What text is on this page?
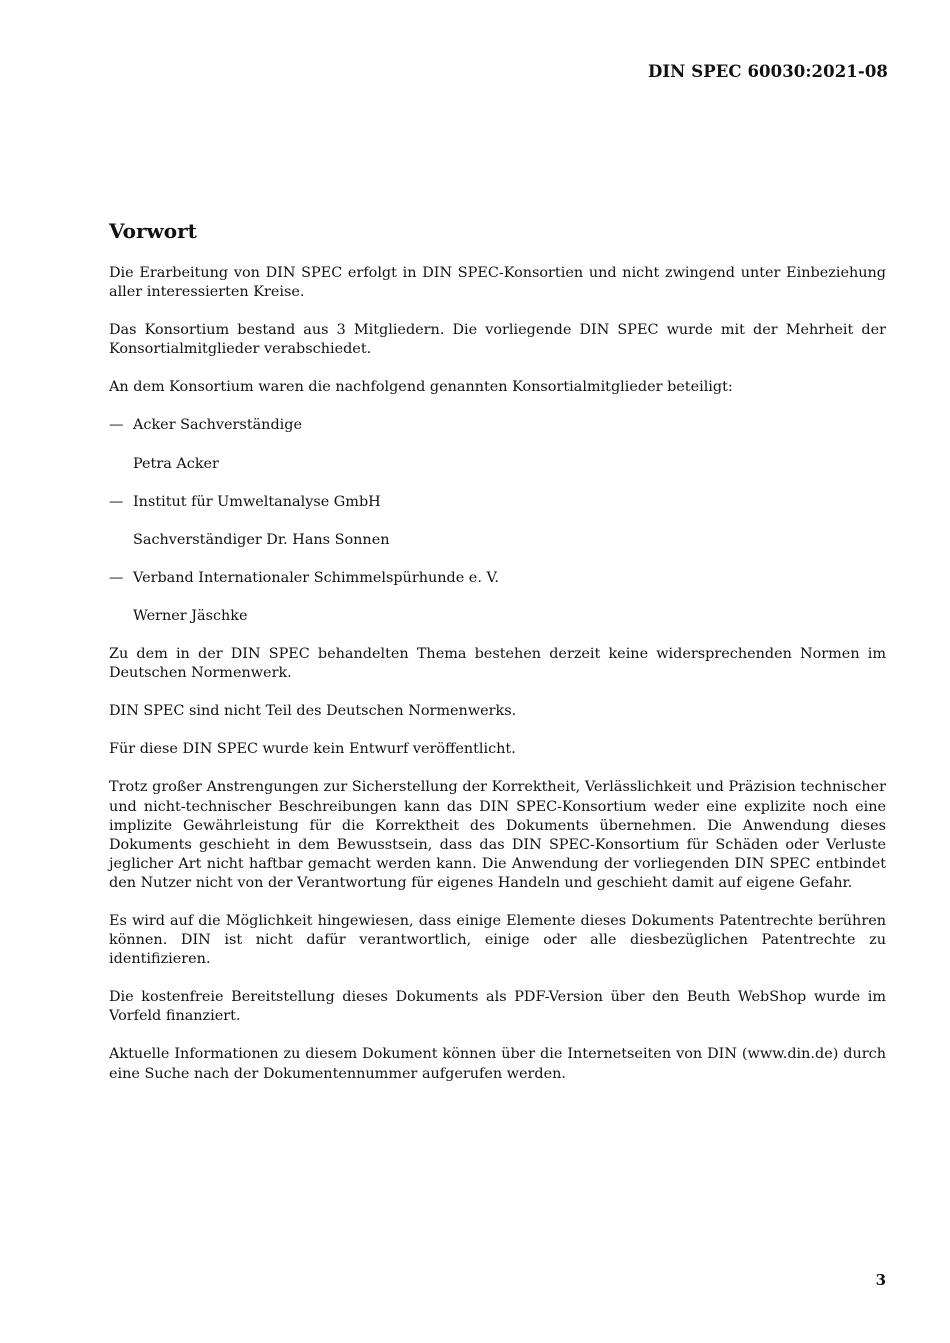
DIN SPEC 60030:2021-08
Vorwort

Die Erarbeitung von DIN SPEC erfolgt in DIN SPEC-Konsortien und nicht zwingend unter Einbeziehung aller interessierten Kreise.

Das Konsortium bestand aus 3 Mitgliedern. Die vorliegende DIN SPEC wurde mit der Mehrheit der Konsortialmitglieder verabschiedet.

An dem Konsortium waren die nachfolgend genannten Konsortialmitglieder beteiligt:

— Acker Sachverständige
Petra Acker
— Institut für Umweltanalyse GmbH
Sachverständiger Dr. Hans Sonnen
— Verband Internationaler Schimmelspürhunde e. V.
Werner Jäschke

Zu dem in der DIN SPEC behandelten Thema bestehen derzeit keine widersprechenden Normen im Deutschen Normenwerk.

DIN SPEC sind nicht Teil des Deutschen Normenwerks.

Für diese DIN SPEC wurde kein Entwurf veröffentlicht.

Trotz großer Anstrengungen zur Sicherstellung der Korrektheit, Verlässlichkeit und Präzision technischer und nicht-technischer Beschreibungen kann das DIN SPEC-Konsortium weder eine explizite noch eine implizite Gewährleistung für die Korrektheit des Dokuments übernehmen. Die Anwendung dieses Dokuments geschieht in dem Bewusstsein, dass das DIN SPEC-Konsortium für Schäden oder Verluste jeglicher Art nicht haftbar gemacht werden kann. Die Anwendung der vorliegenden DIN SPEC entbindet den Nutzer nicht von der Verantwortung für eigenes Handeln und geschieht damit auf eigene Gefahr.

Es wird auf die Möglichkeit hingewiesen, dass einige Elemente dieses Dokuments Patentrechte berühren können. DIN ist nicht dafür verantwortlich, einige oder alle diesbezüglichen Patentrechte zu identifizieren.

Die kostenfreie Bereitstellung dieses Dokuments als PDF-Version über den Beuth WebShop wurde im Vorfeld finanziert.

Aktuelle Informationen zu diesem Dokument können über die Internetseiten von DIN (www.din.de) durch eine Suche nach der Dokumentennummer aufgerufen werden.

3
